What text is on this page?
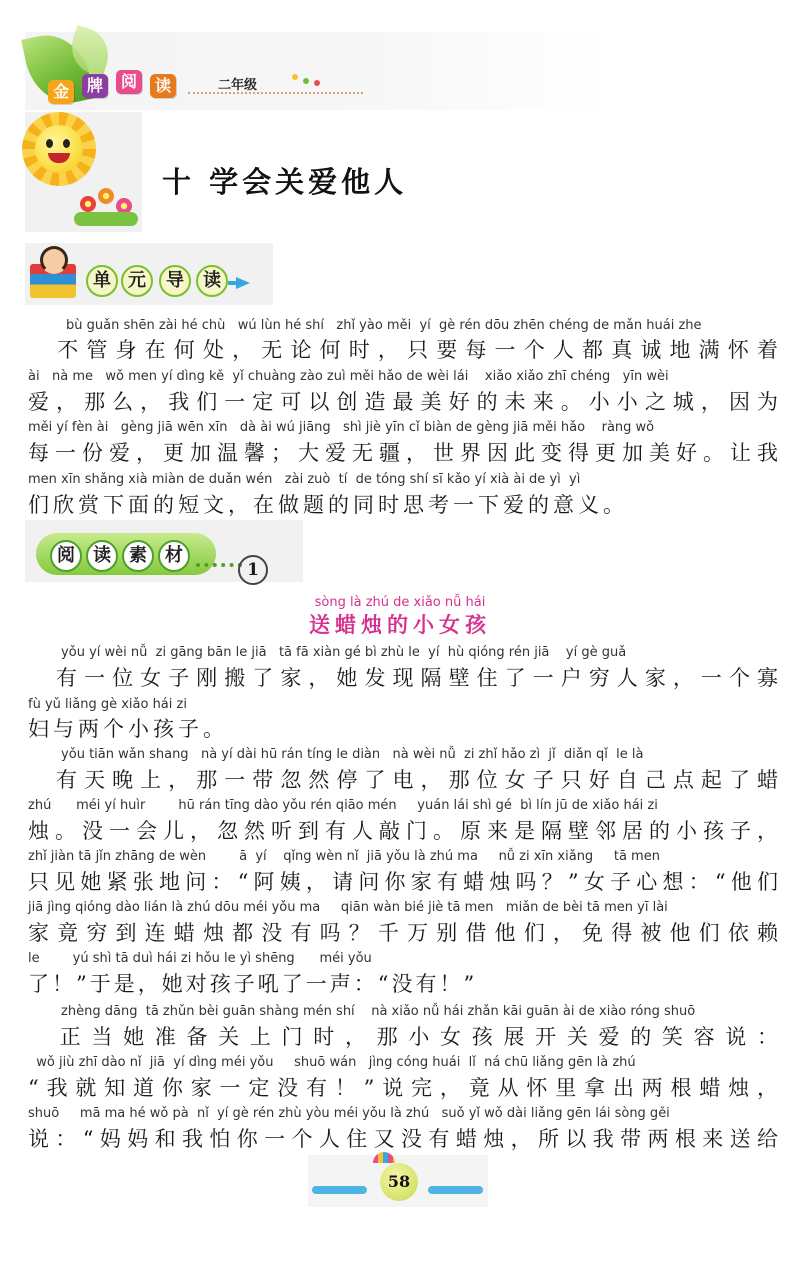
金	牌	阅	读	二年级
十 学会关爱他人
单 元	导	读
bù guǎn shēn zài hé chù   wú lùn hé shí   zhǐ yào měi  yí  gè rén dōu zhēn chéng de mǎn huái zhe
　不管身在何处，无论何时，只要每一个人都真诚地满怀着
ài   nà me   wǒ men yí dìng kě  yǐ chuàng zào zuì měi hǎo de wèi lái    xiǎo xiǎo zhī chéng   yīn wèi
爱，那么，我们一定可以创造最美好的未来。小小之城，因为
měi yí fèn ài   gèng jiā wēn xīn   dà ài wú jiāng   shì jiè yīn cǐ biàn de gèng jiā měi hǎo    ràng wǒ
每一份爱，更加温馨；大爱无疆，世界因此变得更加美好。让我
men xīn shǎng xià miàn de duǎn wén   zài zuò  tí  de tóng shí sī kǎo yí xià ài de yì  yì
们欣赏下面的短文，在做题的同时思考一下爱的意义。
阅	读	素	材
1
sòng là zhú de xiǎo nǚ hái
送蜡烛的小女孩
yǒu yí wèi nǚ  zi gāng bān le jiā   tā fā xiàn gé bì zhù le  yí  hù qióng rén jiā    yí gè guǎ
　有一位女子刚搬了家，她发现隔壁住了一户穷人家，一个寡
fù yǔ liǎng gè xiǎo hái zi
妇与两个小孩子。
yǒu tiān wǎn shang   nà yí dài hū rán tíng le diàn   nà wèi nǚ  zi zhǐ hǎo zì  jǐ  diǎn qǐ  le là
　有天晚上，那一带忽然停了电，那位女子只好自己点起了蜡
zhú      méi yí huìr        hū rán tīng dào yǒu rén qiāo mén     yuán lái shì gé  bì lín jū de xiǎo hái zi
烛。没一会儿，忽然听到有人敲门。原来是隔壁邻居的小孩子，
zhǐ jiàn tā jǐn zhāng de wèn        ā  yí    qǐng wèn nǐ  jiā yǒu là zhú ma     nǚ zi xīn xiǎng     tā men
只见她紧张地问：“阿姨，请问你家有蜡烛吗？”女子心想：“他们
jiā jìng qióng dào lián là zhú dōu méi yǒu ma     qiān wàn bié jiè tā men   miǎn de bèi tā men yī lài
家竟穷到连蜡烛都没有吗？千万别借他们，免得被他们依赖
le        yú shì tā duì hái zi hǒu le yì shēng      méi yǒu
了！”于是，她对孩子吼了一声：“没有！”
zhèng dāng  tā zhǔn bèi guān shàng mén shí    nà xiǎo nǚ hái zhǎn kāi guān ài de xiào róng shuō
　正当她准备关上门时，那小女孩展开关爱的笑容说：
wǒ jiù zhī dào nǐ  jiā  yí dìng méi yǒu     shuō wán   jìng cóng huái  lǐ  ná chū liǎng gēn là zhú
“我就知道你家一定没有！”说完，竟从怀里拿出两根蜡烛，
shuō     mā ma hé wǒ pà  nǐ  yí gè rén zhù yòu méi yǒu là zhú   suǒ yǐ wǒ dài liǎng gēn lái sòng gěi
说：“妈妈和我怕你一个人住又没有蜡烛，所以我带两根来送给
58
